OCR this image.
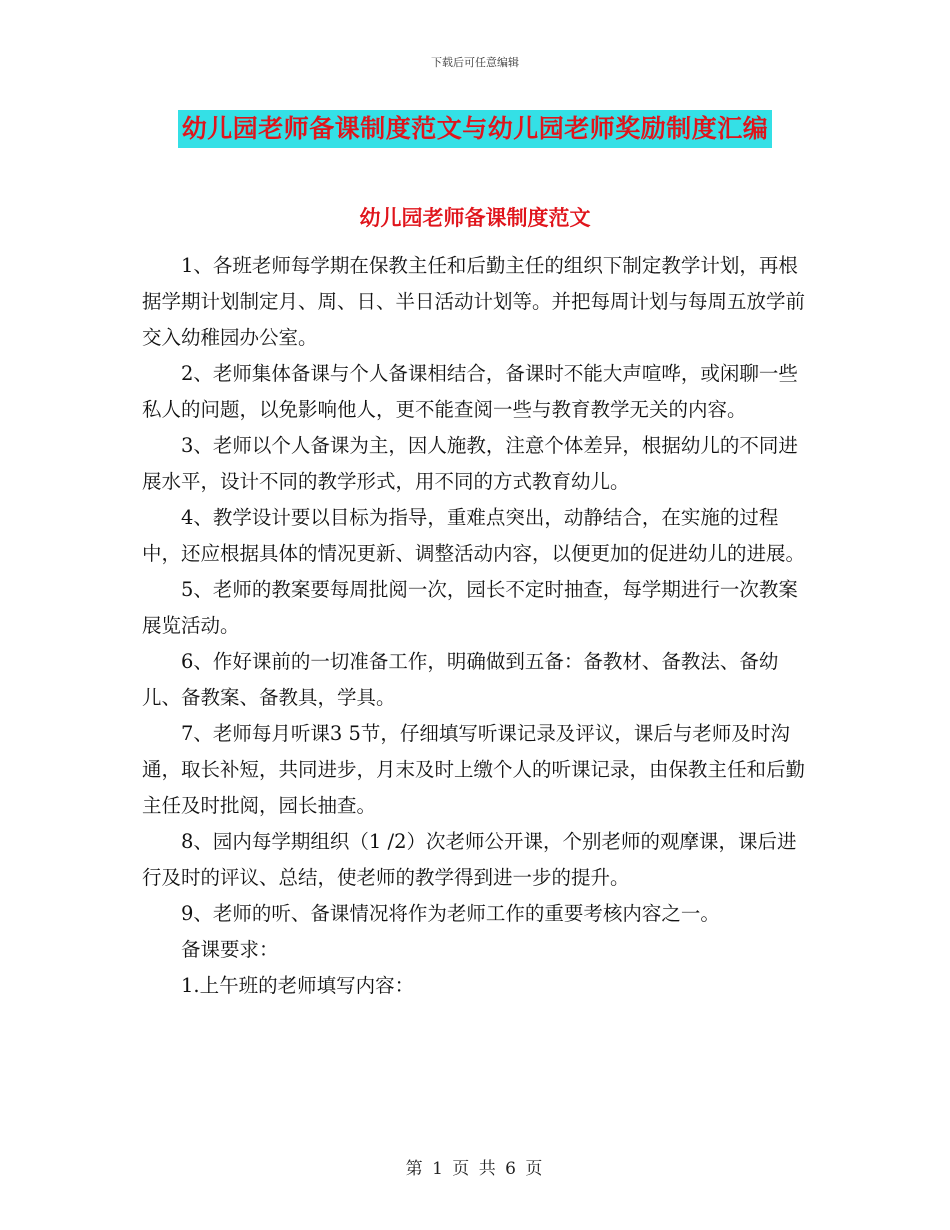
下载后可任意编辑
幼儿园老师备课制度范文与幼儿园老师奖励制度汇编
幼儿园老师备课制度范文

1、各班老师每学期在保教主任和后勤主任的组织下制定教学计划，再根据学期计划制定月、周、日、半日活动计划等。并把每周计划与每周五放学前交入幼稚园办公室。

2、老师集体备课与个人备课相结合，备课时不能大声喧哗，或闲聊一些私人的问题，以免影响他人，更不能查阅一些与教育教学无关的内容。

3、老师以个人备课为主，因人施教，注意个体差异，根据幼儿的不同进展水平，设计不同的教学形式，用不同的方式教育幼儿。

4、教学设计要以目标为指导，重难点突出，动静结合，在实施的过程中，还应根据具体的情况更新、调整活动内容，以便更加的促进幼儿的进展。

5、老师的教案要每周批阅一次，园长不定时抽查，每学期进行一次教案展览活动。

6、作好课前的一切准备工作，明确做到五备：备教材、备教法、备幼儿、备教案、备教具，学具。

7、老师每月听课3 5节，仔细填写听课记录及评议，课后与老师及时沟通，取长补短，共同进步，月末及时上缴个人的听课记录，由保教主任和后勤主任及时批阅，园长抽查。

8、园内每学期组织（1 /2）次老师公开课，个别老师的观摩课，课后进行及时的评议、总结，使老师的教学得到进一步的提升。

9、老师的听、备课情况将作为老师工作的重要考核内容之一。

备课要求：

1.上午班的老师填写内容：

第 1 页 共 6 页
